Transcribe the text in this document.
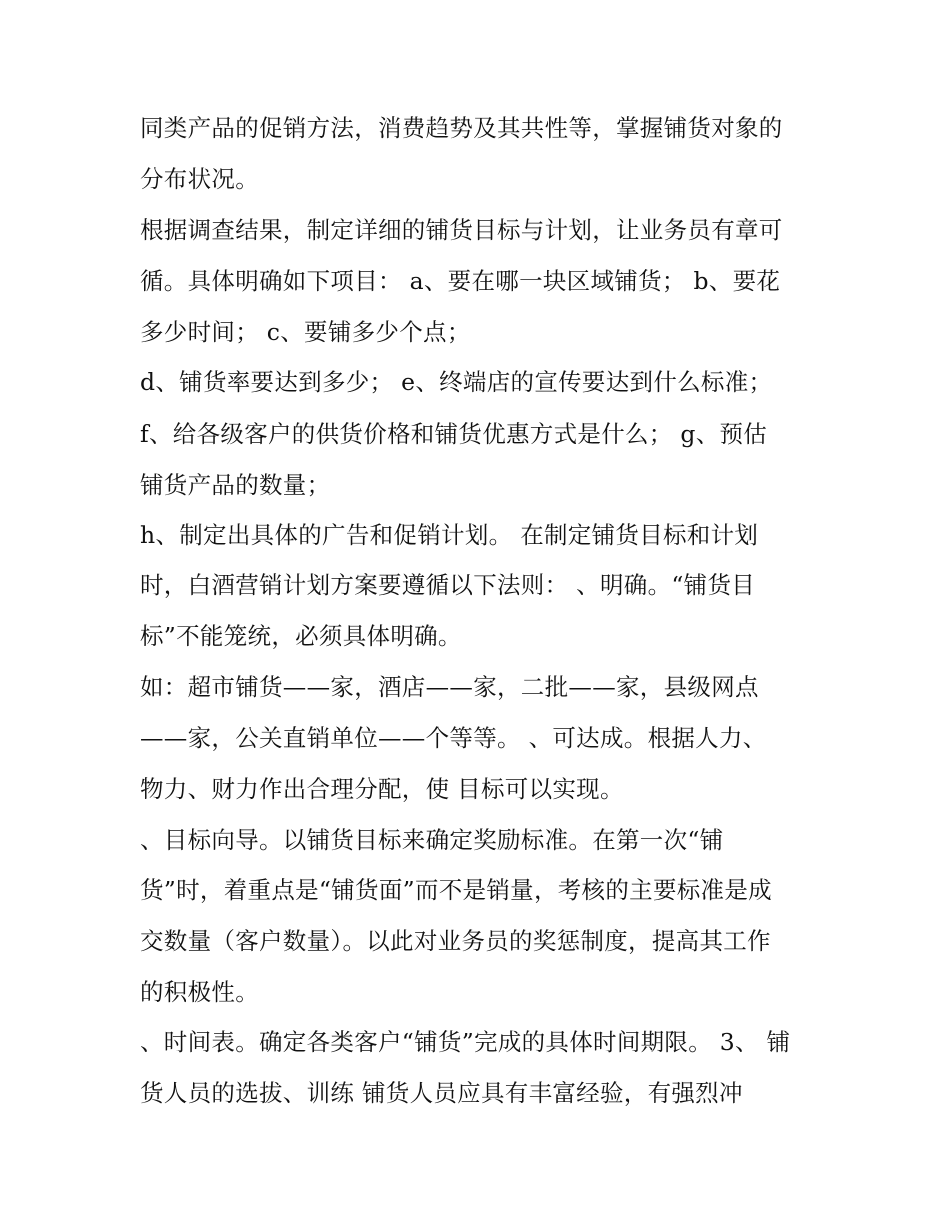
同类产品的促销方法，消费趋势及其共性等，掌握铺货对象的
分布状况。
根据调查结果，制定详细的铺货目标与计划，让业务员有章可
循。具体明确如下项目： a、要在哪一块区域铺货； b、要花
多少时间； c、要铺多少个点；
d、铺货率要达到多少； e、终端店的宣传要达到什么标准；
f、给各级客户的供货价格和铺货优惠方式是什么； g、预估
铺货产品的数量；
h、制定出具体的广告和促销计划。 在制定铺货目标和计划
时，白酒营销计划方案要遵循以下法则： 、明确。“铺货目
标”不能笼统，必须具体明确。
如：超市铺货——家，酒店——家，二批——家，县级网点
——家，公关直销单位——个等等。 、可达成。根据人力、
物力、财力作出合理分配，使 目标可以实现。
、目标向导。以铺货目标来确定奖励标准。在第一次“铺
货”时，着重点是“铺货面”而不是销量，考核的主要标准是成
交数量（客户数量）。以此对业务员的奖惩制度，提高其工作
的积极性。
、时间表。确定各类客户“铺货”完成的具体时间期限。 3、 铺
货人员的选拔、训练 铺货人员应具有丰富经验，有强烈冲
